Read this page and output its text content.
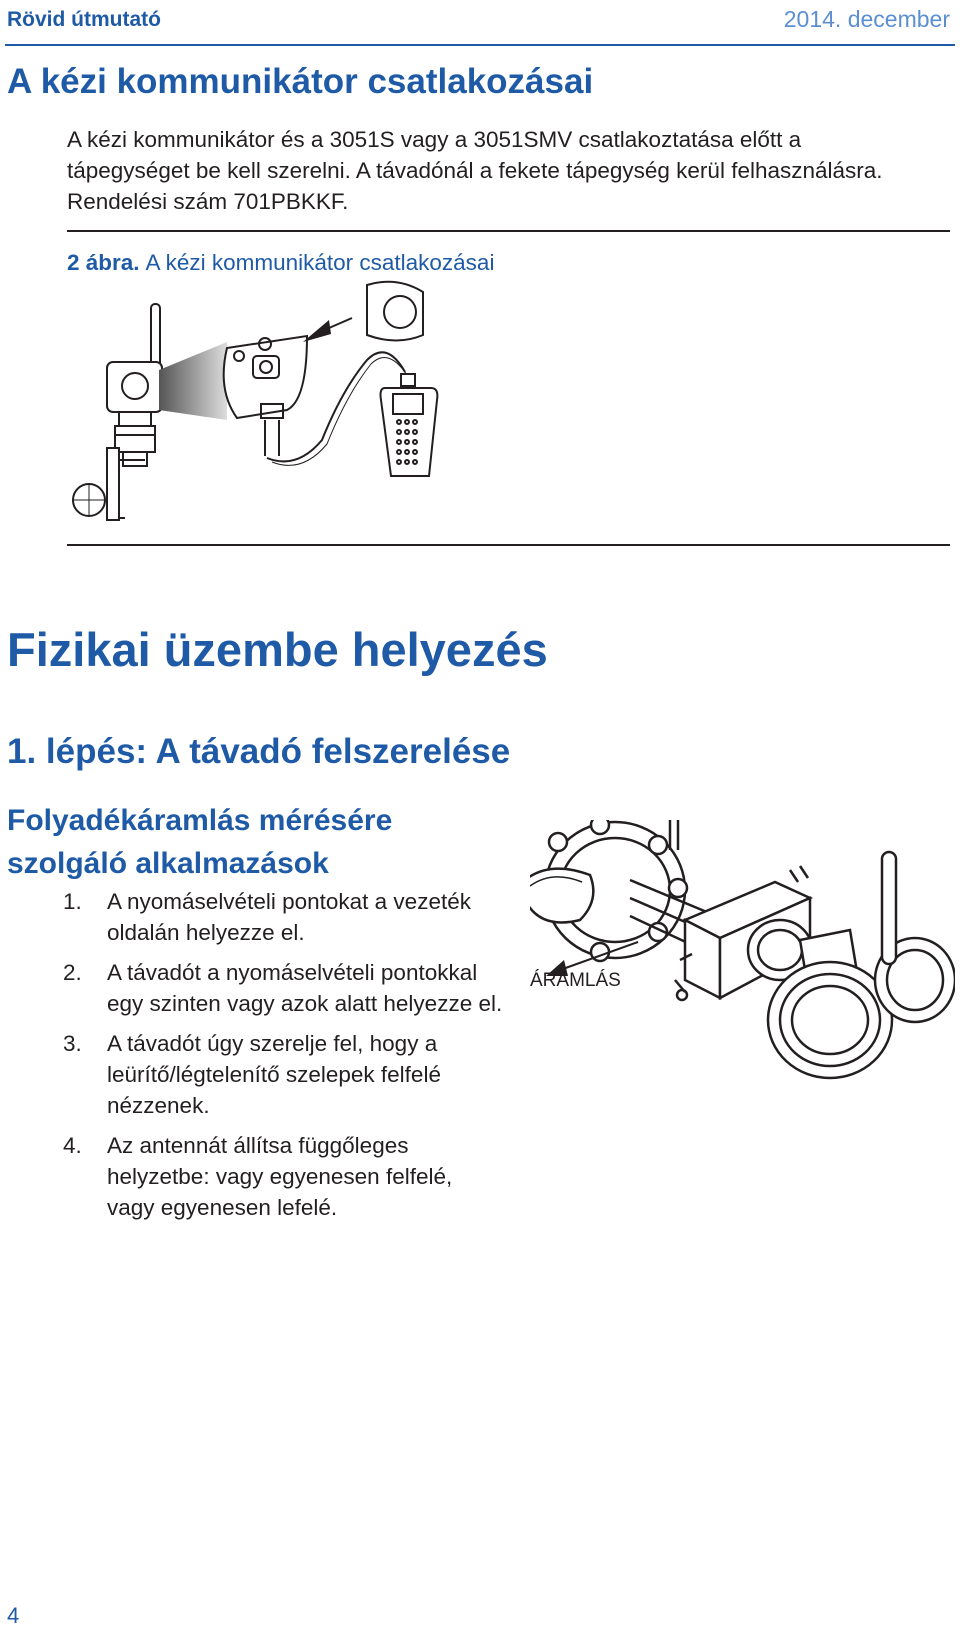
Rövid útmutató	2014. december
A kézi kommunikátor csatlakozásai

A kézi kommunikátor és a 3051S vagy a 3051SMV csatlakoztatása előtt a tápegységet be kell szerelni. A távadónál a fekete tápegység kerül felhasználásra. Rendelési szám 701PBKKF.

2 ábra. A kézi kommunikátor csatlakozásai

Fizikai üzembe helyezés
1. lépés: A távadó felszerelése
Folyadékáramlás mérésére szolgáló alkalmazások
1. A nyomáselvételi pontokat a vezeték oldalán helyezze el.
2. A távadót a nyomáselvételi pontokkal egy szinten vagy azok alatt helyezze el.
3. A távadót úgy szerelje fel, hogy a leürítő/légtelenítő szelepek felfelé nézzenek.
4. Az antennát állítsa függőleges helyzetbe: vagy egyenesen felfelé, vagy egyenesen lefelé.
ÁRAMLÁS
4
